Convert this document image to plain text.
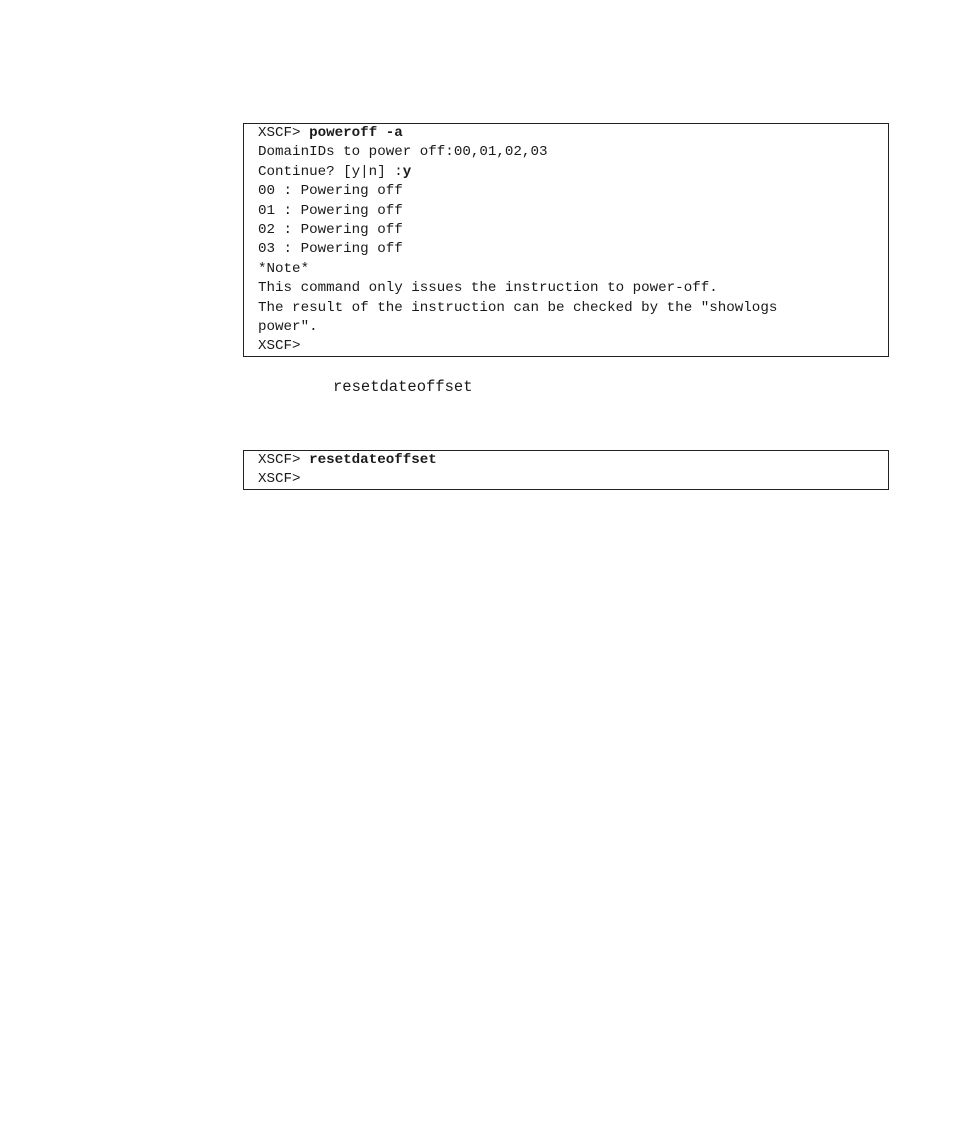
XSCF> poweroff -a
DomainIDs to power off:00,01,02,03
Continue? [y|n] :y
00 : Powering off
01 : Powering off
02 : Powering off
03 : Powering off
*Note*
This command only issues the instruction to power-off.
The result of the instruction can be checked by the "showlogs
power".
XSCF>
resetdateoffset
XSCF> resetdateoffset
XSCF>
